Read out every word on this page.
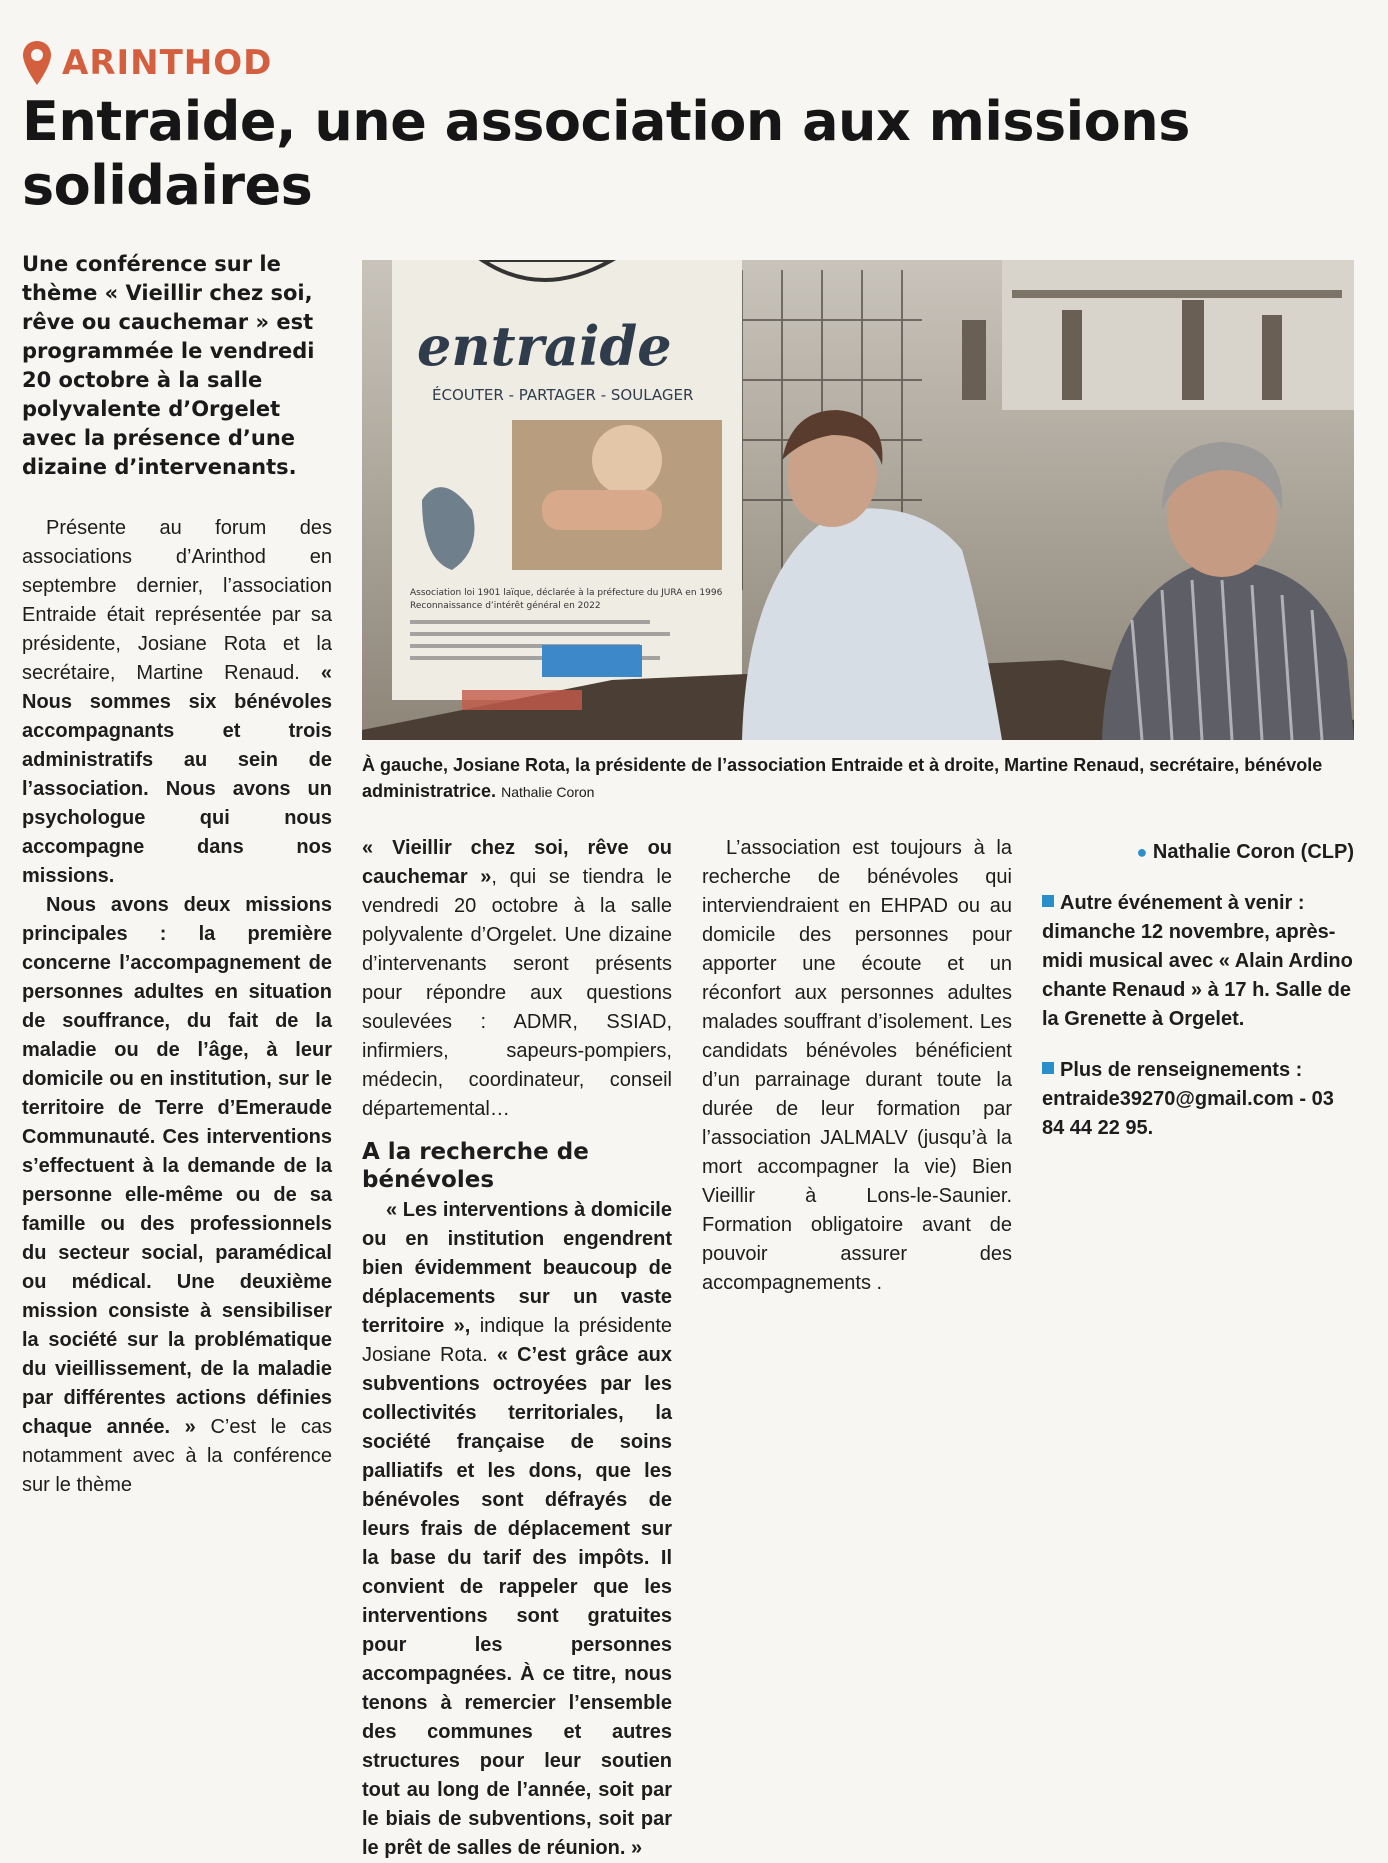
ARINTHOD
Entraide, une association aux missions solidaires
Une conférence sur le thème « Vieillir chez soi, rêve ou cauchemar » est programmée le vendredi 20 octobre à la salle polyvalente d’Orgelet avec la présence d’une dizaine d’intervenants.
entraide
ÉCOUTER - PARTAGER - SOULAGER
Association loi 1901 laïque, déclarée à la préfecture du JURA en 1996
Reconnaissance d’intérêt général en 2022
À gauche, Josiane Rota, la présidente de l’association Entraide et à droite, Martine Renaud, secrétaire, bénévole administratrice. Nathalie Coron

Présente au forum des associations d’Arinthod en septembre dernier, l’association Entraide était représentée par sa présidente, Josiane Rota et la secrétaire, Martine Renaud. « Nous sommes six bénévoles accompagnants et trois administratifs au sein de l’association. Nous avons un psychologue qui nous accompagne dans nos missions.

Nous avons deux missions principales : la première concerne l’accompagnement de personnes adultes en situation de souffrance, du fait de la maladie ou de l’âge, à leur domicile ou en institution, sur le territoire de Terre d’Emeraude Communauté. Ces interventions s’effectuent à la demande de la personne elle-même ou de sa famille ou des professionnels du secteur social, paramédical ou médical. Une deuxième mission consiste à sensibiliser la société sur la problématique du vieillissement, de la maladie par différentes actions définies chaque année. » C’est le cas notamment avec à la conférence sur le thème

« Vieillir chez soi, rêve ou cauchemar », qui se tiendra le vendredi 20 octobre à la salle polyvalente d’Orgelet. Une dizaine d’intervenants seront présents pour répondre aux questions soulevées : ADMR, SSIAD, infirmiers, sapeurs-pompiers, médecin, coordinateur, conseil départemental…

A la recherche de bénévoles

« Les interventions à domicile ou en institution engendrent bien évidemment beaucoup de déplacements sur un vaste territoire », indique la présidente Josiane Rota. « C’est grâce aux subventions octroyées par les collectivités territoriales, la société française de soins palliatifs et les dons, que les bénévoles sont défrayés de leurs frais de déplacement sur la base du tarif des impôts. Il convient de rappeler que les interventions sont gratuites pour les personnes accompagnées. À ce titre, nous tenons à remercier l’ensemble des communes et autres structures pour leur soutien tout au long de l’année, soit par le biais de subventions, soit par le prêt de salles de réunion. »

L’association est toujours à la recherche de bénévoles qui interviendraient en EHPAD ou au domicile des personnes pour apporter une écoute et un réconfort aux personnes adultes malades souffrant d’isolement. Les candidats bénévoles bénéficient d’un parrainage durant toute la durée de leur formation par l’association JALMALV (jusqu’à la mort accompagner la vie) Bien Vieillir à Lons-le-Saunier. Formation obligatoire avant de pouvoir assurer des accompagnements .

● Nathalie Coron (CLP)
Autre événement à venir : dimanche 12 novembre, après-midi musical avec « Alain Ardino chante Renaud » à 17 h. Salle de la Grenette à Orgelet.
Plus de renseignements : entraide39270@gmail.com - 03 84 44 22 95.
